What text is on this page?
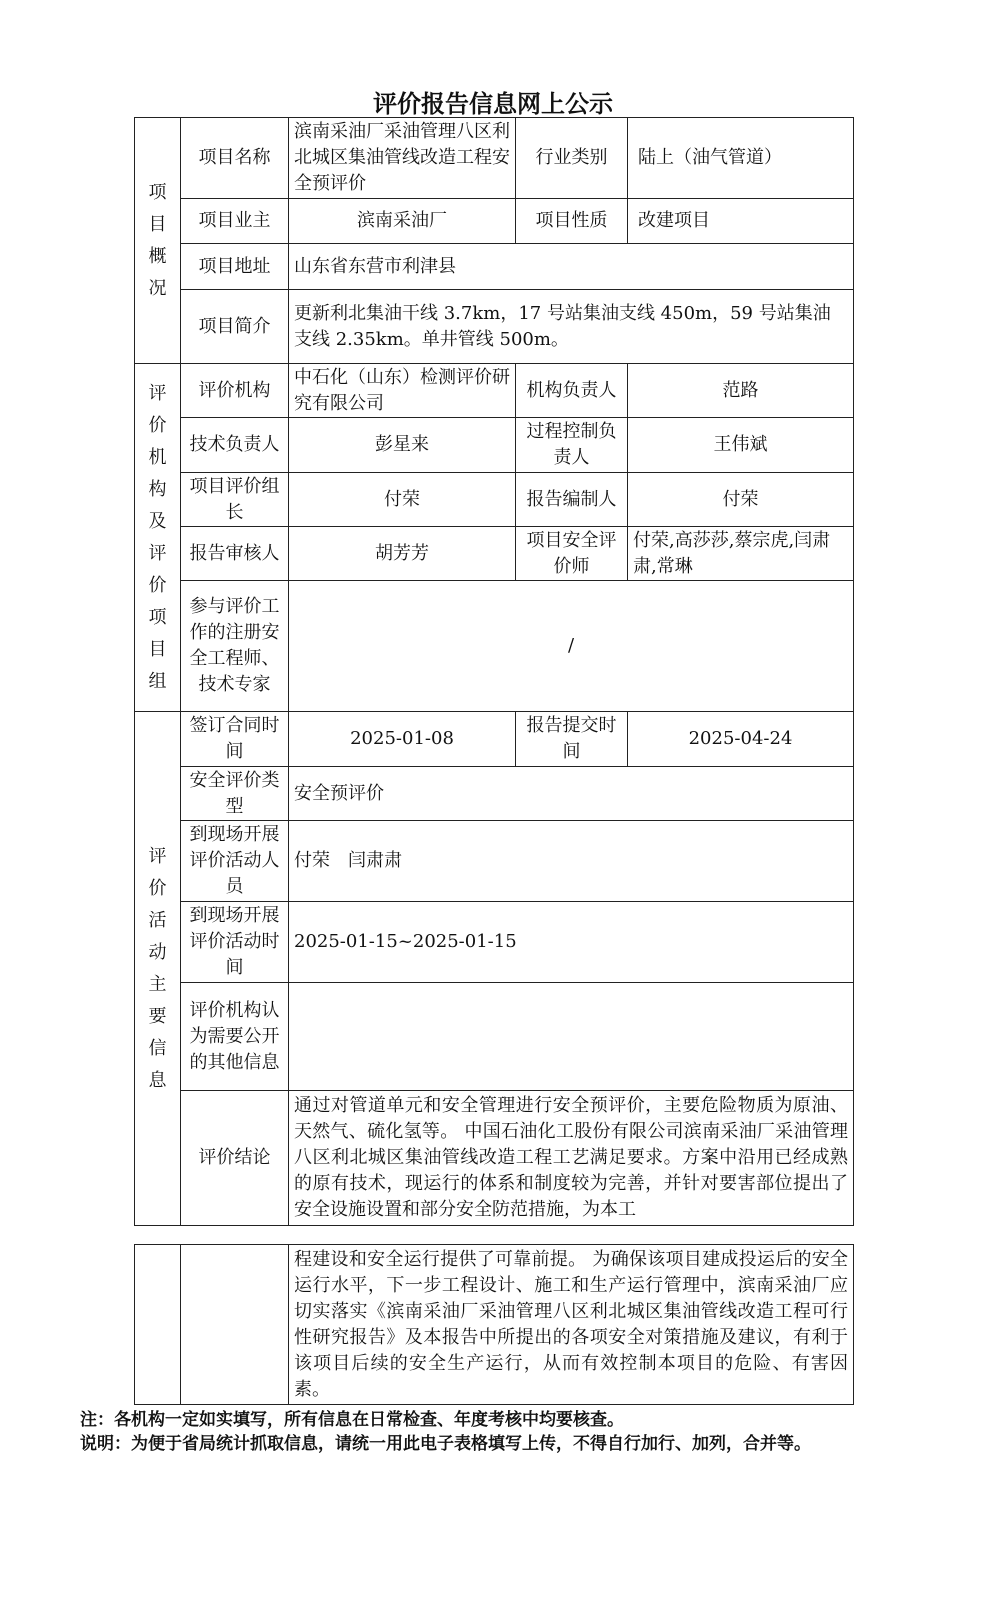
评价报告信息网上公示
项目概况	项目名称	滨南采油厂采油管理八区利北城区集油管线改造工程安全预评价	行业类别	陆上（油气管道）
	项目业主	滨南采油厂	项目性质	改建项目
	项目地址	山东省东营市利津县		
	项目简介	更新利北集油干线 3.7km，17 号站集油支线 450m，59 号站集油支线 2.35km。单井管线 500m。		
评价机构及评价项目组	评价机构	中石化（山东）检测评价研究有限公司	机构负责人	范路
	技术负责人	彭星来	过程控制负责人	王伟斌
	项目评价组长	付荣	报告编制人	付荣
	报告审核人	胡芳芳	项目安全评价师	付荣,高莎莎,蔡宗虎,闫肃肃,常琳
	参与评价工作的注册安全工程师、技术专家	/		
评价活动主要信息	签订合同时间	2025-01-08	报告提交时间	2025-04-24
	安全评价类型	安全预评价		
	到现场开展评价活动人员	付荣　闫肃肃		
	到现场开展评价活动时间	2025-01-15~2025-01-15		
	评价机构认为需要公开的其他信息			
	评价结论	通过对管道单元和安全管理进行安全预评价，主要危险物质为原油、天然气、硫化氢等。 中国石油化工股份有限公司滨南采油厂采油管理八区利北城区集油管线改造工程工艺满足要求。方案中沿用已经成熟的原有技术，现运行的体系和制度较为完善，并针对要害部位提出了安全设施设置和部分安全防范措施，为本工		
		程建设和安全运行提供了可靠前提。 为确保该项目建成投运后的安全运行水平，下一步工程设计、施工和生产运行管理中，滨南采油厂应切实落实《滨南采油厂采油管理八区利北城区集油管线改造工程可行性研究报告》及本报告中所提出的各项安全对策措施及建议，有利于该项目后续的安全生产运行，从而有效控制本项目的危险、有害因素。
注：各机构一定如实填写，所有信息在日常检查、年度考核中均要核查。
说明：为便于省局统计抓取信息，请统一用此电子表格填写上传，不得自行加行、加列，合并等。
